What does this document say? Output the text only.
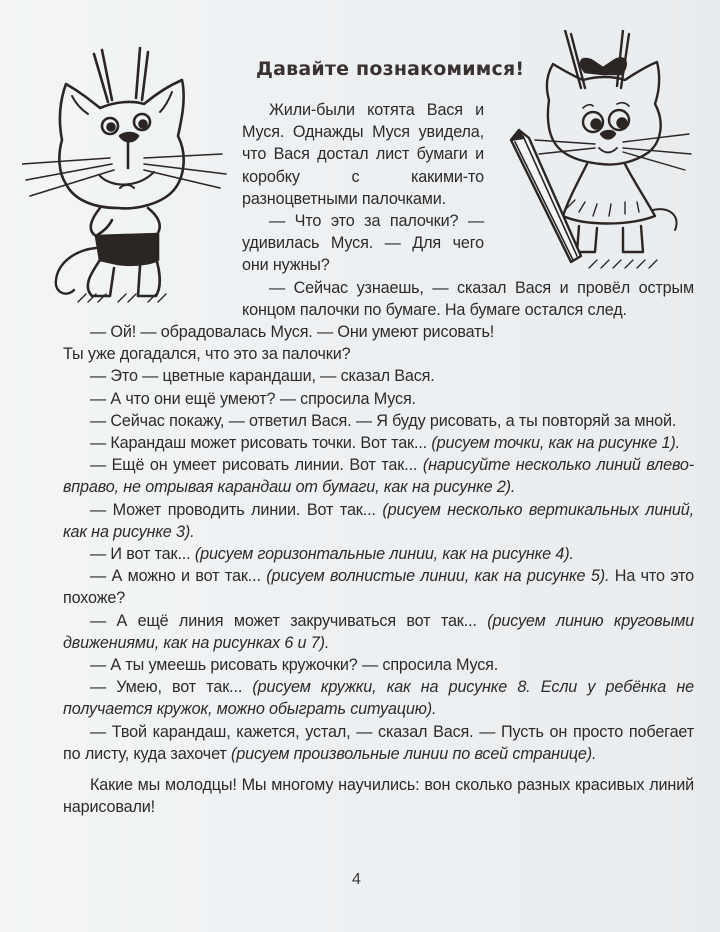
Давайте познакомимся!

Жили-были котята Вася и Муся. Однажды Муся увидела, что Вася достал лист бумаги и коробку с какими-то разноцветными палочками.

— Что это за палочки? — удивилась Муся. — Для чего они нужны?

— Сейчас узнаешь, — сказал Вася и провёл острым концом палочки по бумаге. На бумаге остался след.

— Ой! — обрадовалась Муся. — Они умеют рисовать!

Ты уже догадался, что это за палочки?

— Это — цветные карандаши, — сказал Вася.

— А что они ещё умеют? — спросила Муся.

— Сейчас покажу, — ответил Вася. — Я буду рисовать, а ты повторяй за мной.

— Карандаш может рисовать точки. Вот так... (рисуем точки, как на рисунке 1).

— Ещё он умеет рисовать линии. Вот так... (нарисуйте несколько линий влево-вправо, не отрывая карандаш от бумаги, как на рисунке 2).

— Может проводить линии. Вот так... (рисуем несколько вертикальных линий, как на рисунке 3).

— И вот так... (рисуем горизонтальные линии, как на рисунке 4).

— А можно и вот так... (рисуем волнистые линии, как на рисунке 5). На что это похоже?

— А ещё линия может закручиваться вот так... (рисуем линию круговыми движениями, как на рисунках 6 и 7).

— А ты умеешь рисовать кружочки? — спросила Муся.

— Умею, вот так... (рисуем кружки, как на рисунке 8. Если у ребёнка не получается кружок, можно обыграть ситуацию).

— Твой карандаш, кажется, устал, — сказал Вася. — Пусть он просто побегает по листу, куда захочет (рисуем произвольные линии по всей странице).

Какие мы молодцы! Мы многому научились: вон сколько разных красивых линий нарисовали!

4
